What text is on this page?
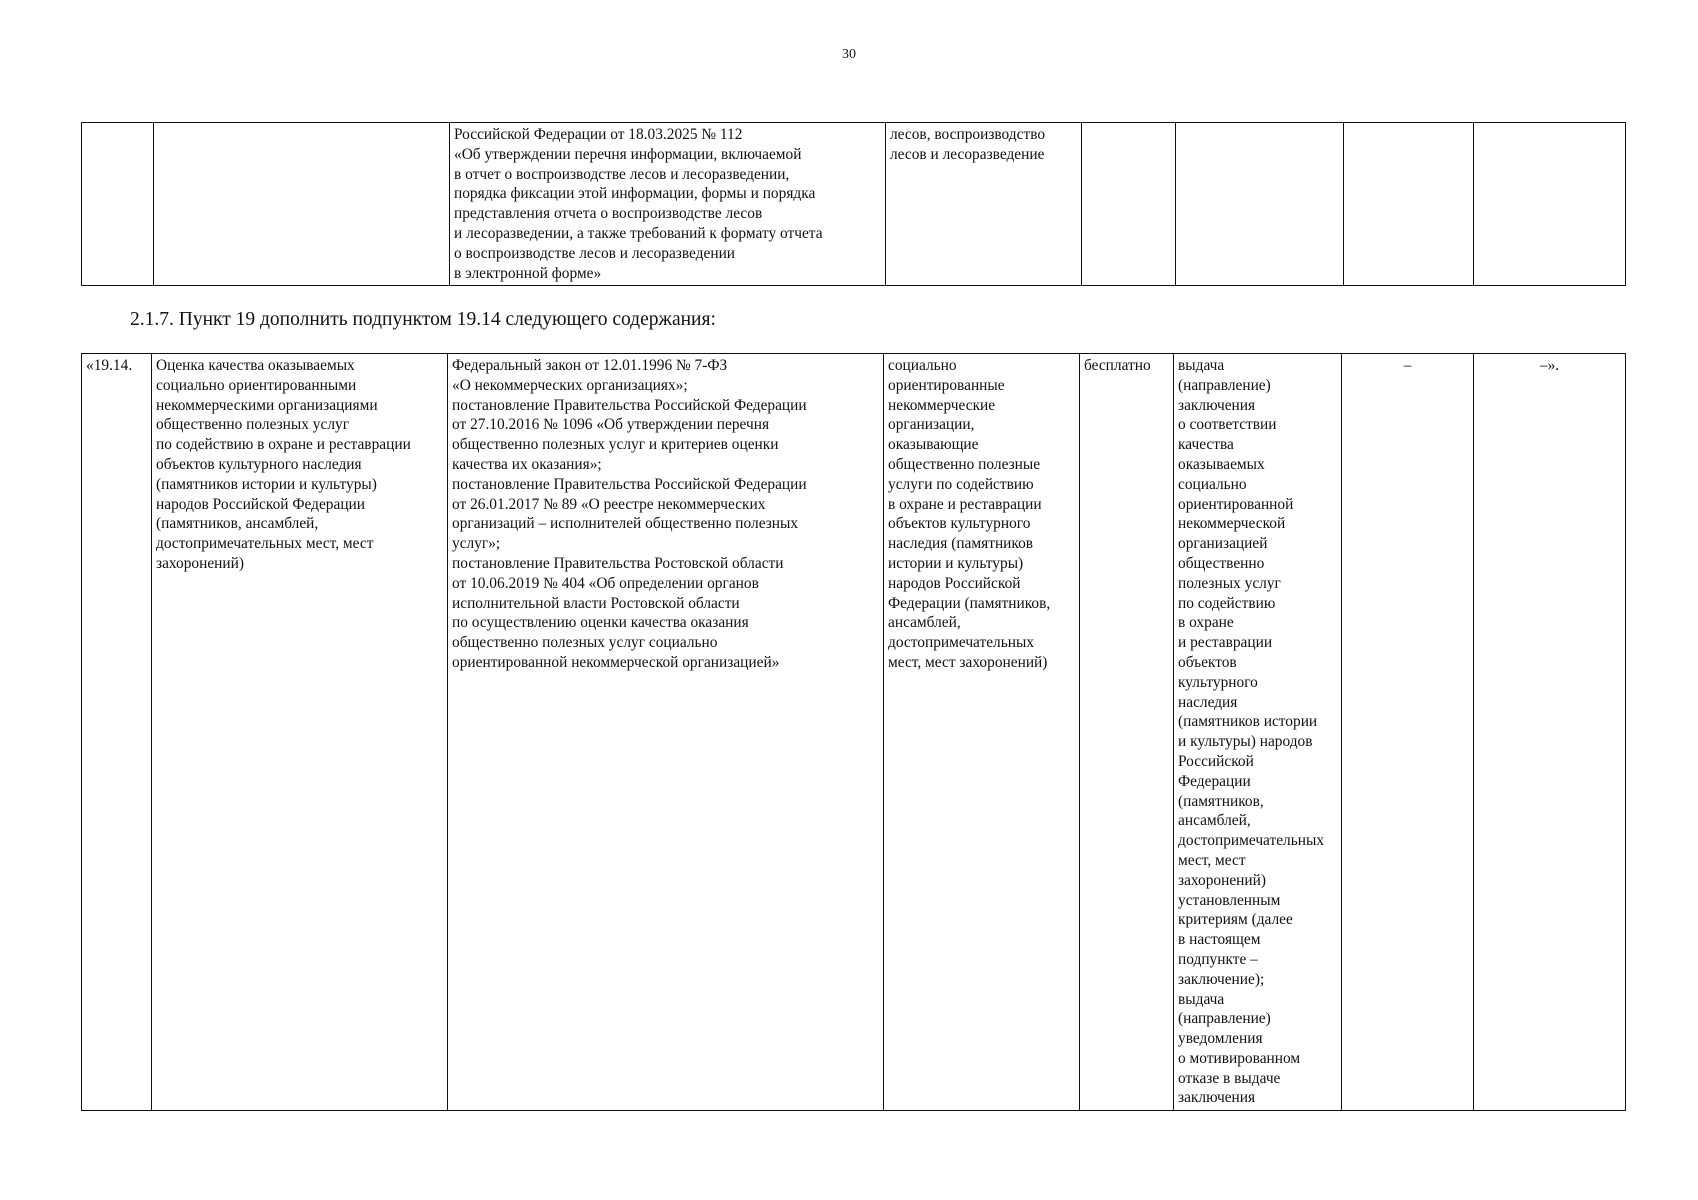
30
		Российской Федерации от 18.03.2025 № 112
«Об утверждении перечня информации, включаемой
в отчет о воспроизводстве лесов и лесоразведении,
порядка фиксации этой информации, формы и порядка
представления отчета о воспроизводстве лесов
и лесоразведении, а также требований к формату отчета
о воспроизводстве лесов и лесоразведении
в электронной форме»	лесов, воспроизводство
лесов и лесоразведение				
2.1.7. Пункт 19 дополнить подпунктом 19.14 следующего содержания:
«19.14.	Оценка качества оказываемых
социально ориентированными
некоммерческими организациями
общественно полезных услуг
по содействию в охране и реставрации
объектов культурного наследия
(памятников истории и культуры)
народов Российской Федерации
(памятников, ансамблей,
достопримечательных мест, мест
захоронений)	Федеральный закон от 12.01.1996 № 7-ФЗ
«О некоммерческих организациях»;
постановление Правительства Российской Федерации
от 27.10.2016 № 1096 «Об утверждении перечня
общественно полезных услуг и критериев оценки
качества их оказания»;
постановление Правительства Российской Федерации
от 26.01.2017 № 89 «О реестре некоммерческих
организаций – исполнителей общественно полезных
услуг»;
постановление Правительства Ростовской области
от 10.06.2019 № 404 «Об определении органов
исполнительной власти Ростовской области
по осуществлению оценки качества оказания
общественно полезных услуг социально
ориентированной некоммерческой организацией»	социально
ориентированные
некоммерческие
организации,
оказывающие
общественно полезные
услуги по содействию
в охране и реставрации
объектов культурного
наследия (памятников
истории и культуры)
народов Российской
Федерации (памятников,
ансамблей,
достопримечательных
мест, мест захоронений)	бесплатно	выдача
(направление)
заключения
о соответствии
качества
оказываемых
социально
ориентированной
некоммерческой
организацией
общественно
полезных услуг
по содействию
в охране
и реставрации
объектов
культурного
наследия
(памятников истории
и культуры) народов
Российской
Федерации
(памятников,
ансамблей,
достопримечательных
мест, мест
захоронений)
установленным
критериям (далее
в настоящем
подпункте –
заключение);
выдача
(направление)
уведомления
о мотивированном
отказе в выдаче
заключения	–	–».
